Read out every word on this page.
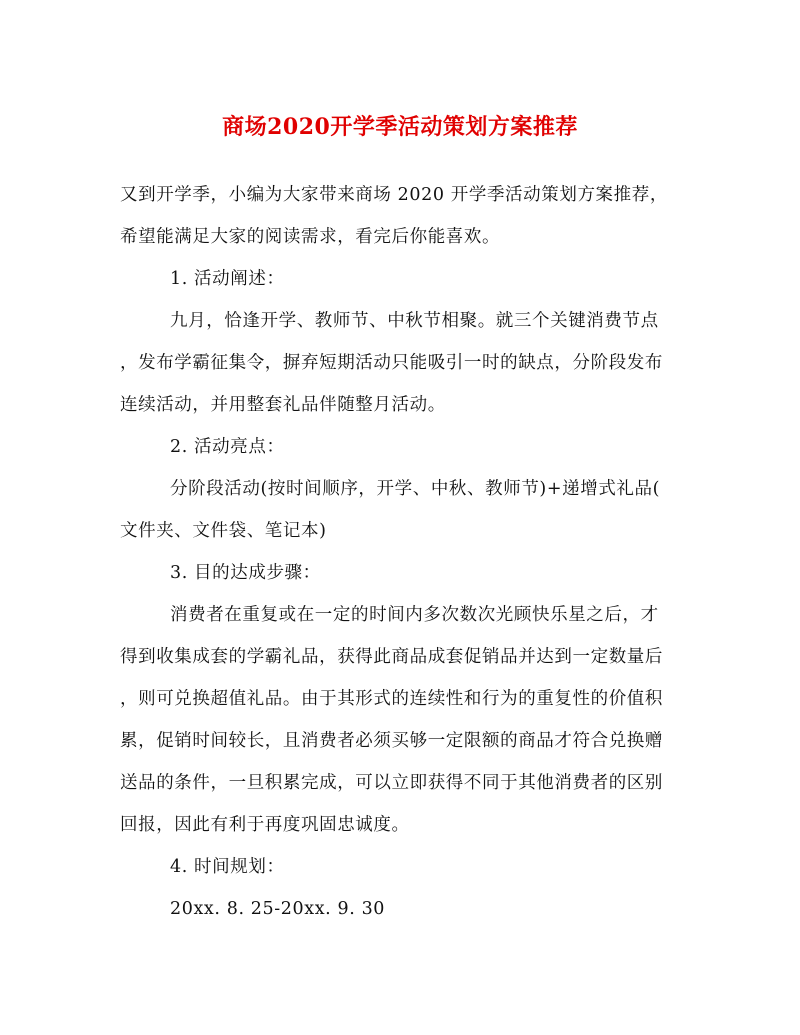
商场2020开学季活动策划方案推荐
又到开学季，小编为大家带来商场 2020 开学季活动策划方案推荐，
希望能满足大家的阅读需求，看完后你能喜欢。
1. 活动阐述：
九月，恰逢开学、教师节、中秋节相聚。就三个关键消费节点
，发布学霸征集令，摒弃短期活动只能吸引一时的缺点，分阶段发布
连续活动，并用整套礼品伴随整月活动。
2. 活动亮点：
分阶段活动(按时间顺序，开学、中秋、教师节)+递增式礼品(
文件夹、文件袋、笔记本)
3. 目的达成步骤：
消费者在重复或在一定的时间内多次数次光顾快乐星之后，才
得到收集成套的学霸礼品，获得此商品成套促销品并达到一定数量后
，则可兑换超值礼品。由于其形式的连续性和行为的重复性的价值积
累，促销时间较长，且消费者必须买够一定限额的商品才符合兑换赠
送品的条件，一旦积累完成，可以立即获得不同于其他消费者的区别
回报，因此有利于再度巩固忠诚度。
4. 时间规划：
20xx. 8. 25-20xx. 9. 30
